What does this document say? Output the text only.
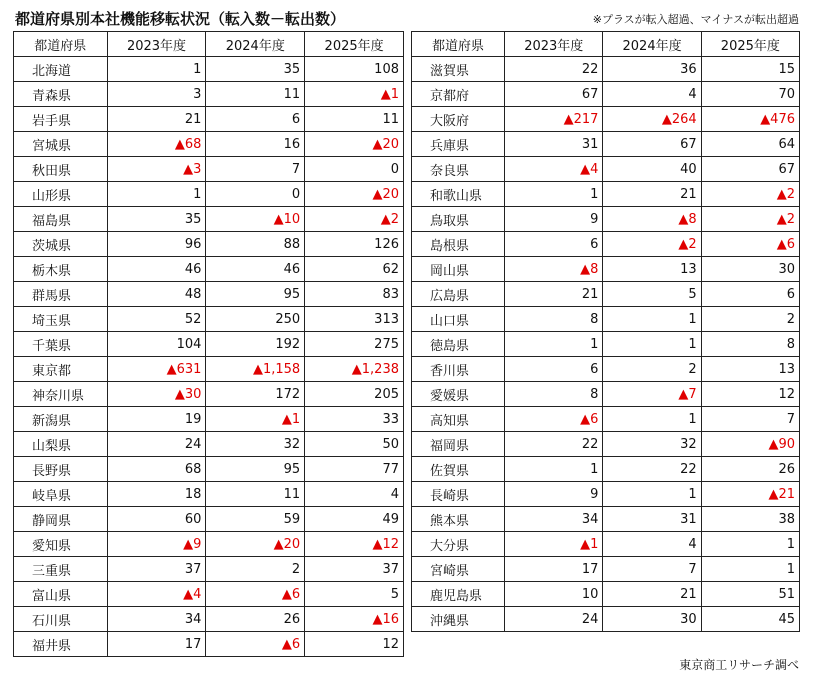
都道府県別本社機能移転状況（転入数－転出数）	※プラスが転入超過、マイナスが転出超過
都道府県	2023年度	2024年度	2025年度
北海道	1	35	108
青森県	3	11	▲1
岩手県	21	6	11
宮城県	▲68	16	▲20
秋田県	▲3	7	0
山形県	1	0	▲20
福島県	35	▲10	▲2
茨城県	96	88	126
栃木県	46	46	62
群馬県	48	95	83
埼玉県	52	250	313
千葉県	104	192	275
東京都	▲631	▲1,158	▲1,238
神奈川県	▲30	172	205
新潟県	19	▲1	33
山梨県	24	32	50
長野県	68	95	77
岐阜県	18	11	4
静岡県	60	59	49
愛知県	▲9	▲20	▲12
三重県	37	2	37
富山県	▲4	▲6	5
石川県	34	26	▲16
福井県	17	▲6	12
都道府県	2023年度	2024年度	2025年度
滋賀県	22	36	15
京都府	67	4	70
大阪府	▲217	▲264	▲476
兵庫県	31	67	64
奈良県	▲4	40	67
和歌山県	1	21	▲2
鳥取県	9	▲8	▲2
島根県	6	▲2	▲6
岡山県	▲8	13	30
広島県	21	5	6
山口県	8	1	2
徳島県	1	1	8
香川県	6	2	13
愛媛県	8	▲7	12
高知県	▲6	1	7
福岡県	22	32	▲90
佐賀県	1	22	26
長崎県	9	1	▲21
熊本県	34	31	38
大分県	▲1	4	1
宮崎県	17	7	1
鹿児島県	10	21	51
沖縄県	24	30	45
東京商工リサーチ調べ
